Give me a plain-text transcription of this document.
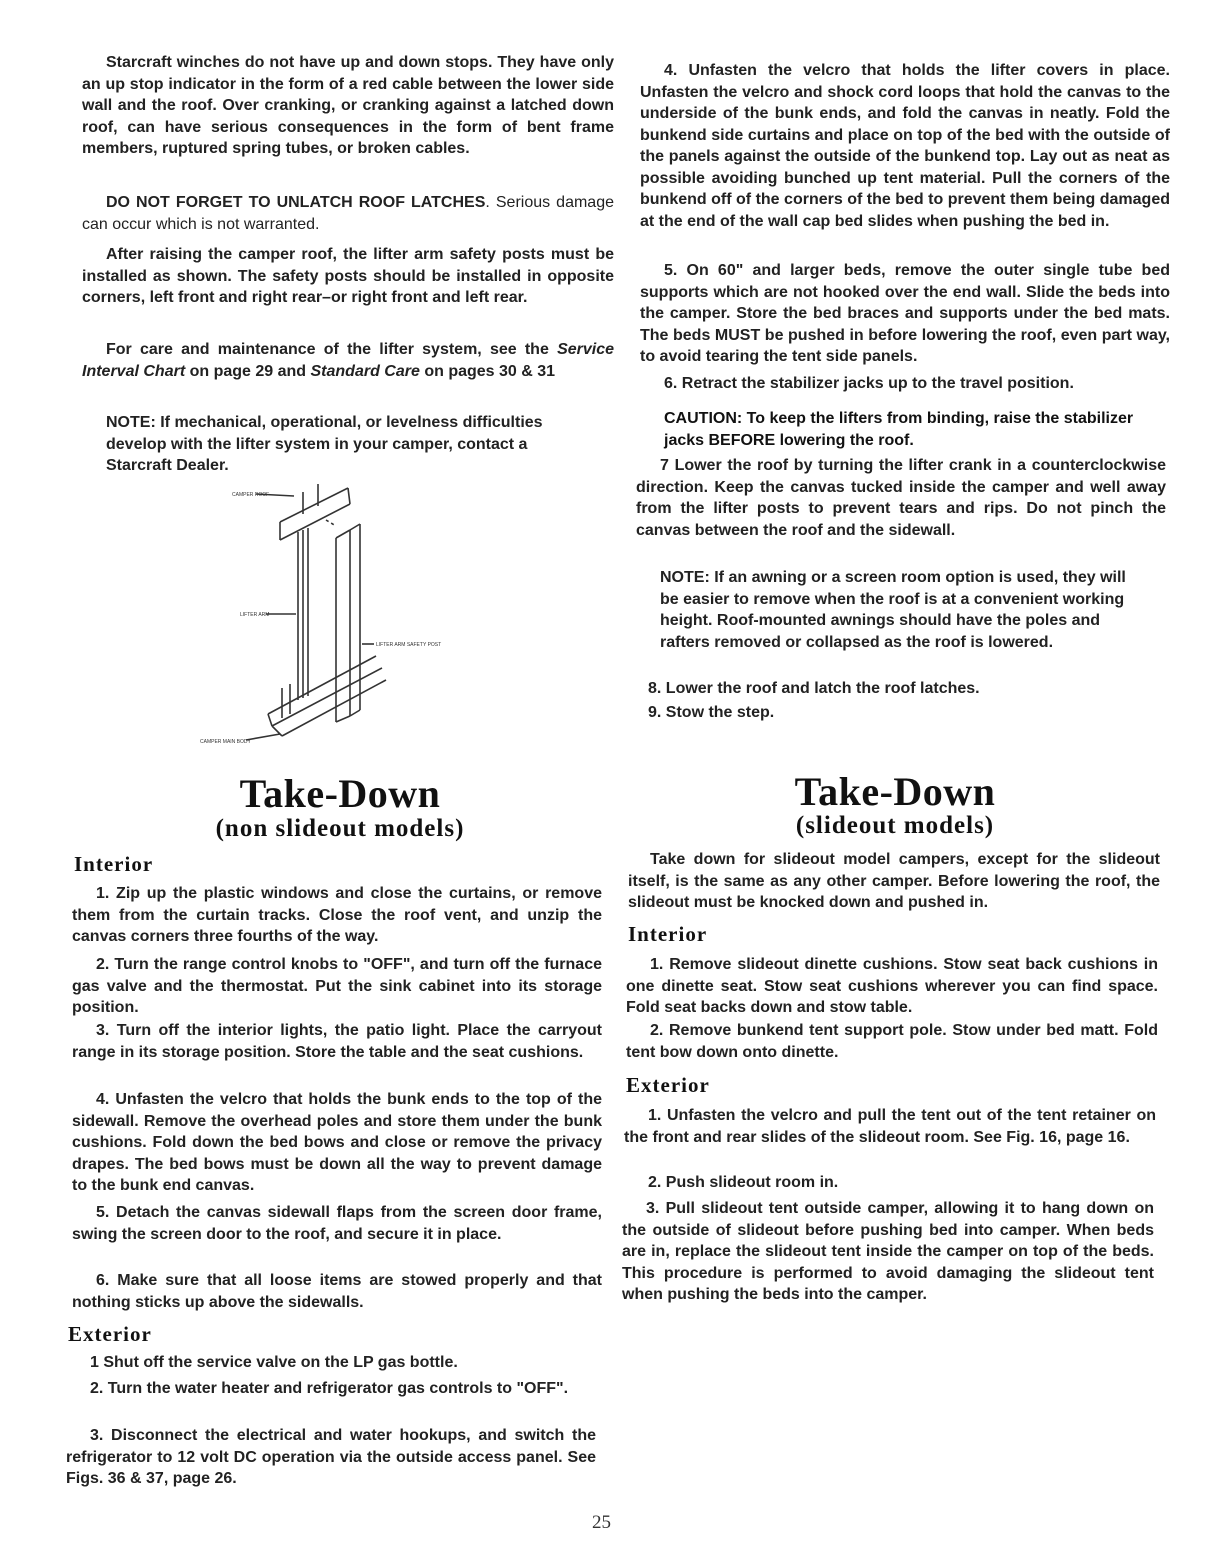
Starcraft winches do not have up and down stops. They have only an up stop indicator in the form of a red cable between the lower side wall and the roof. Over cranking, or cranking against a latched down roof, can have serious consequences in the form of bent frame members, ruptured spring tubes, or broken cables.

DO NOT FORGET TO UNLATCH ROOF LATCHES. Serious damage can occur which is not warranted.

After raising the camper roof, the lifter arm safety posts must be installed as shown. The safety posts should be installed in opposite corners, left front and right rear–or right front and left rear.

For care and maintenance of the lifter system, see the Service Interval Chart on page 29 and Standard Care on pages 30 & 31

NOTE: If mechanical, operational, or levelness difficulties develop with the lifter system in your camper, contact a Starcraft Dealer.

CAMPER ROOF
LIFTER ARM
LIFTER ARM SAFETY POST
CAMPER MAIN BODY
Take-Down
(non slideout models)
Interior

1. Zip up the plastic windows and close the curtains, or remove them from the curtain tracks. Close the roof vent, and unzip the canvas corners three fourths of the way.

2. Turn the range control knobs to "OFF", and turn off the furnace gas valve and the thermostat. Put the sink cabinet into its storage position.

3. Turn off the interior lights, the patio light. Place the carryout range in its storage position. Store the table and the seat cushions.

4. Unfasten the velcro that holds the bunk ends to the top of the sidewall. Remove the overhead poles and store them under the bunk cushions. Fold down the bed bows and close or remove the privacy drapes. The bed bows must be down all the way to prevent damage to the bunk end canvas.

5. Detach the canvas sidewall flaps from the screen door frame, swing the screen door to the roof, and secure it in place.

6. Make sure that all loose items are stowed properly and that nothing sticks up above the sidewalls.

Exterior

1 Shut off the service valve on the LP gas bottle.

2. Turn the water heater and refrigerator gas controls to "OFF".

3. Disconnect the electrical and water hookups, and switch the refrigerator to 12 volt DC operation via the outside access panel. See Figs. 36 & 37, page 26.

4. Unfasten the velcro that holds the lifter covers in place. Unfasten the velcro and shock cord loops that hold the canvas to the underside of the bunk ends, and fold the canvas in neatly. Fold the bunkend side curtains and place on top of the bed with the outside of the panels against the outside of the bunkend top. Lay out as neat as possible avoiding bunched up tent material. Pull the corners of the bunkend off of the corners of the bed to prevent them being damaged at the end of the wall cap bed slides when pushing the bed in.

5. On 60" and larger beds, remove the outer single tube bed supports which are not hooked over the end wall. Slide the beds into the camper. Store the bed braces and supports under the bed mats. The beds MUST be pushed in before lowering the roof, even part way, to avoid tearing the tent side panels.

6. Retract the stabilizer jacks up to the travel position.

CAUTION: To keep the lifters from binding, raise the stabilizer jacks BEFORE lowering the roof.

7 Lower the roof by turning the lifter crank in a counterclockwise direction. Keep the canvas tucked inside the camper and well away from the lifter posts to prevent tears and rips. Do not pinch the canvas between the roof and the sidewall.

NOTE: If an awning or a screen room option is used, they will be easier to remove when the roof is at a convenient working height. Roof-mounted awnings should have the poles and rafters removed or collapsed as the roof is lowered.

8. Lower the roof and latch the roof latches.

9. Stow the step.

Take-Down
(slideout models)

Take down for slideout model campers, except for the slideout itself, is the same as any other camper. Before lowering the roof, the slideout must be knocked down and pushed in.

Interior

1. Remove slideout dinette cushions. Stow seat back cushions in one dinette seat. Stow seat cushions wherever you can find space. Fold seat backs down and stow table.

2. Remove bunkend tent support pole. Stow under bed matt. Fold tent bow down onto dinette.

Exterior

1. Unfasten the velcro and pull the tent out of the tent retainer on the front and rear slides of the slideout room. See Fig. 16, page 16.

2. Push slideout room in.

3. Pull slideout tent outside camper, allowing it to hang down on the outside of slideout before pushing bed into camper. When beds are in, replace the slideout tent inside the camper on top of the beds. This procedure is performed to avoid damaging the slideout tent when pushing the beds into the camper.

25
